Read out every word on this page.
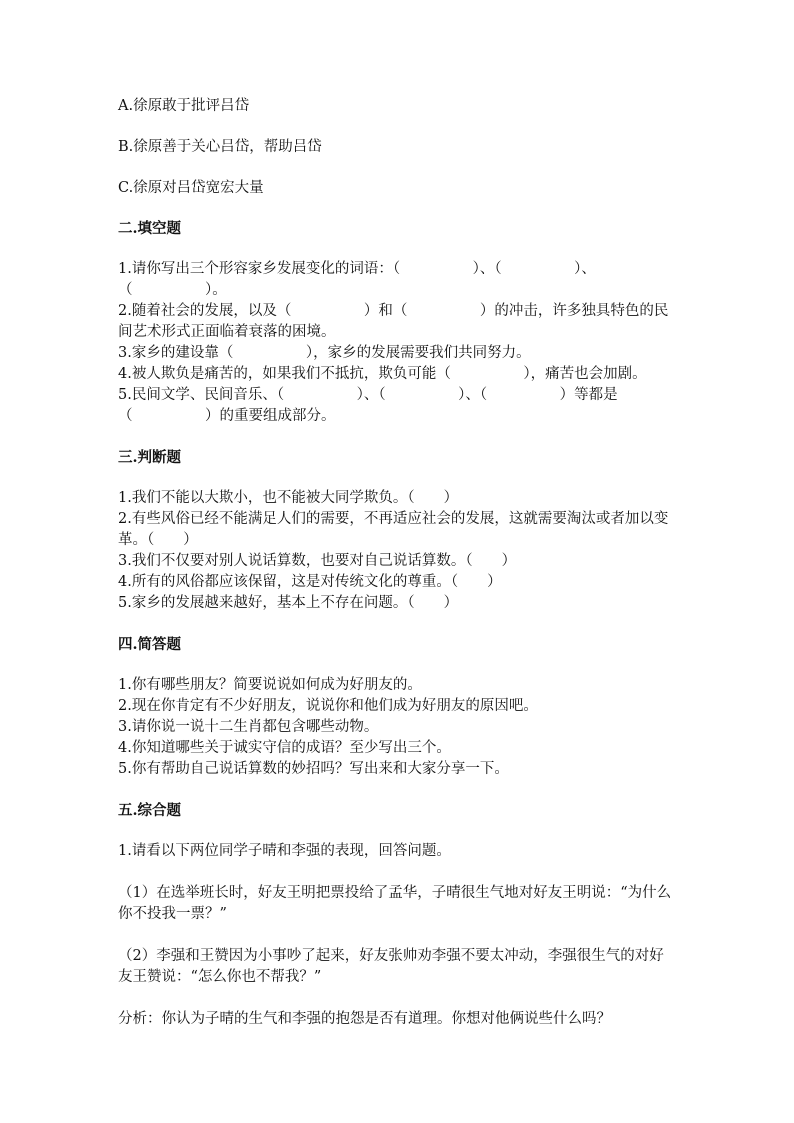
A.徐原敢于批评吕岱

B.徐原善于关心吕岱，帮助吕岱

C.徐原对吕岱宽宏大量

二.填空题

1.请你写出三个形容家乡发展变化的词语：（　　　　　）、（　　　　　）、（　　　　　）。

2.随着社会的发展，以及（　　　　　）和（　　　　　）的冲击，许多独具特色的民间艺术形式正面临着衰落的困境。

3.家乡的建设靠（　　　　　），家乡的发展需要我们共同努力。

4.被人欺负是痛苦的，如果我们不抵抗，欺负可能（　　　　　），痛苦也会加剧。

5.民间文学、民间音乐、（　　　　　）、（　　　　　）、（　　　　　）等都是（　　　　　）的重要组成部分。

三.判断题

1.我们不能以大欺小，也不能被大同学欺负。（　　）

2.有些风俗已经不能满足人们的需要，不再适应社会的发展，这就需要淘汰或者加以变革。（　　）

3.我们不仅要对别人说话算数，也要对自己说话算数。（　　）

4.所有的风俗都应该保留，这是对传统文化的尊重。（　　）

5.家乡的发展越来越好，基本上不存在问题。（　　）

四.简答题

1.你有哪些朋友？简要说说如何成为好朋友的。

2.现在你肯定有不少好朋友，说说你和他们成为好朋友的原因吧。

3.请你说一说十二生肖都包含哪些动物。

4.你知道哪些关于诚实守信的成语？至少写出三个。

5.你有帮助自己说话算数的妙招吗？写出来和大家分享一下。

五.综合题

1.请看以下两位同学子晴和李强的表现，回答问题。

（1）在选举班长时，好友王明把票投给了孟华，子晴很生气地对好友王明说：“为什么你不投我一票？”

（2）李强和王赞因为小事吵了起来，好友张帅劝李强不要太冲动，李强很生气的对好友王赞说：“怎么你也不帮我？”

分析：你认为子晴的生气和李强的抱怨是否有道理。你想对他俩说些什么吗？
